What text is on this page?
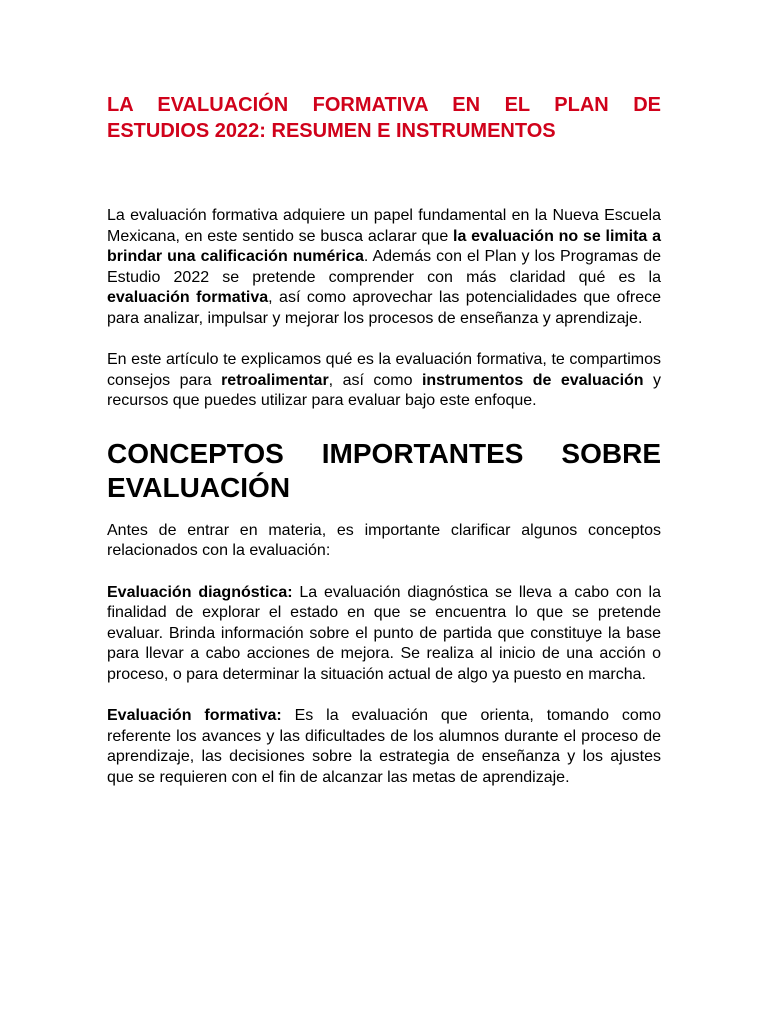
LA EVALUACIÓN FORMATIVA EN EL PLAN DE
ESTUDIOS 2022: RESUMEN E INSTRUMENTOS

La evaluación formativa adquiere un papel fundamental en la Nueva Escuela Mexicana, en este sentido se busca aclarar que la evaluación no se limita a brindar una calificación numérica. Además con el Plan y los Programas de Estudio 2022 se pretende comprender con más claridad qué es la evaluación formativa, así como aprovechar las potencialidades que ofrece para analizar, impulsar y mejorar los procesos de enseñanza y aprendizaje.

En este artículo te explicamos qué es la evaluación formativa, te compartimos consejos para retroalimentar, así como instrumentos de evaluación y recursos que puedes utilizar para evaluar bajo este enfoque.

CONCEPTOS IMPORTANTES SOBRE
EVALUACIÓN

Antes de entrar en materia, es importante clarificar algunos conceptos relacionados con la evaluación:

Evaluación diagnóstica: La evaluación diagnóstica se lleva a cabo con la finalidad de explorar el estado en que se encuentra lo que se pretende evaluar. Brinda información sobre el punto de partida que constituye la base para llevar a cabo acciones de mejora. Se realiza al inicio de una acción o proceso, o para determinar la situación actual de algo ya puesto en marcha.

Evaluación formativa: Es la evaluación que orienta, tomando como referente los avances y las dificultades de los alumnos durante el proceso de aprendizaje, las decisiones sobre la estrategia de enseñanza y los ajustes que se requieren con el fin de alcanzar las metas de aprendizaje.
